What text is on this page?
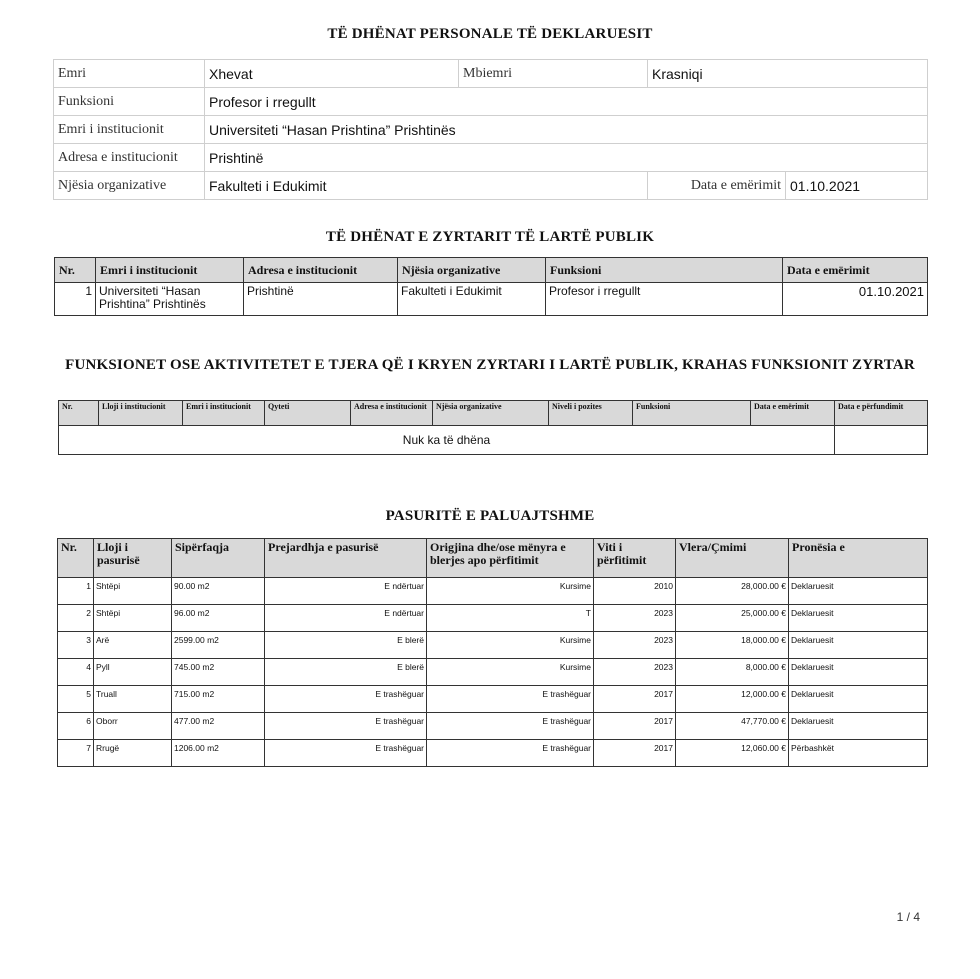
TË DHËNAT PERSONALE TË DEKLARUESIT
Emri	Xhevat	Mbiemri	Krasniqi	
Funksioni	Profesor i rregullt			
Emri i institucionit	Universiteti “Hasan Prishtina” Prishtinës			
Adresa e institucionit	Prishtinë			
Njësia organizative	Fakulteti i Edukimit		Data e emërimit	01.10.2021
TË DHËNAT E ZYRTARIT TË LARTË PUBLIK
Nr.	Emri i institucionit	Adresa e institucionit	Njësia organizative	Funksioni	Data e emërimit
1	Universiteti “Hasan Prishtina” Prishtinës	Prishtinë	Fakulteti i Edukimit	Profesor i rregullt	01.10.2021
FUNKSIONET OSE AKTIVITETET E TJERA QË I KRYEN ZYRTARI I LARTË PUBLIK, KRAHAS FUNKSIONIT ZYRTAR
Nr.	Lloji i institucionit	Emri i institucionit	Qyteti	Adresa e institucionit	Njësia organizative	Niveli i pozites	Funksioni	Data e emërimit	Data e përfundimit
Nuk ka të dhëna									
PASURITË E PALUAJTSHME
Nr.	Lloji i pasurisë	Sipërfaqja	Prejardhja e pasurisë	Origjina dhe/ose mënyra e blerjes apo përfitimit	Viti i përfitimit	Vlera/Çmimi	Pronësia e
1	Shtëpi	90.00 m2	E ndërtuar	Kursime	2010	28,000.00 €	Deklaruesit
2	Shtëpi	96.00 m2	E ndërtuar	T	2023	25,000.00 €	Deklaruesit
3	Arë	2599.00 m2	E blerë	Kursime	2023	18,000.00 €	Deklaruesit
4	Pyll	745.00 m2	E blerë	Kursime	2023	8,000.00 €	Deklaruesit
5	Truall	715.00 m2	E trashëguar	E trashëguar	2017	12,000.00 €	Deklaruesit
6	Oborr	477.00 m2	E trashëguar	E trashëguar	2017	47,770.00 €	Deklaruesit
7	Rrugë	1206.00 m2	E trashëguar	E trashëguar	2017	12,060.00 €	Përbashkët
1 / 4
